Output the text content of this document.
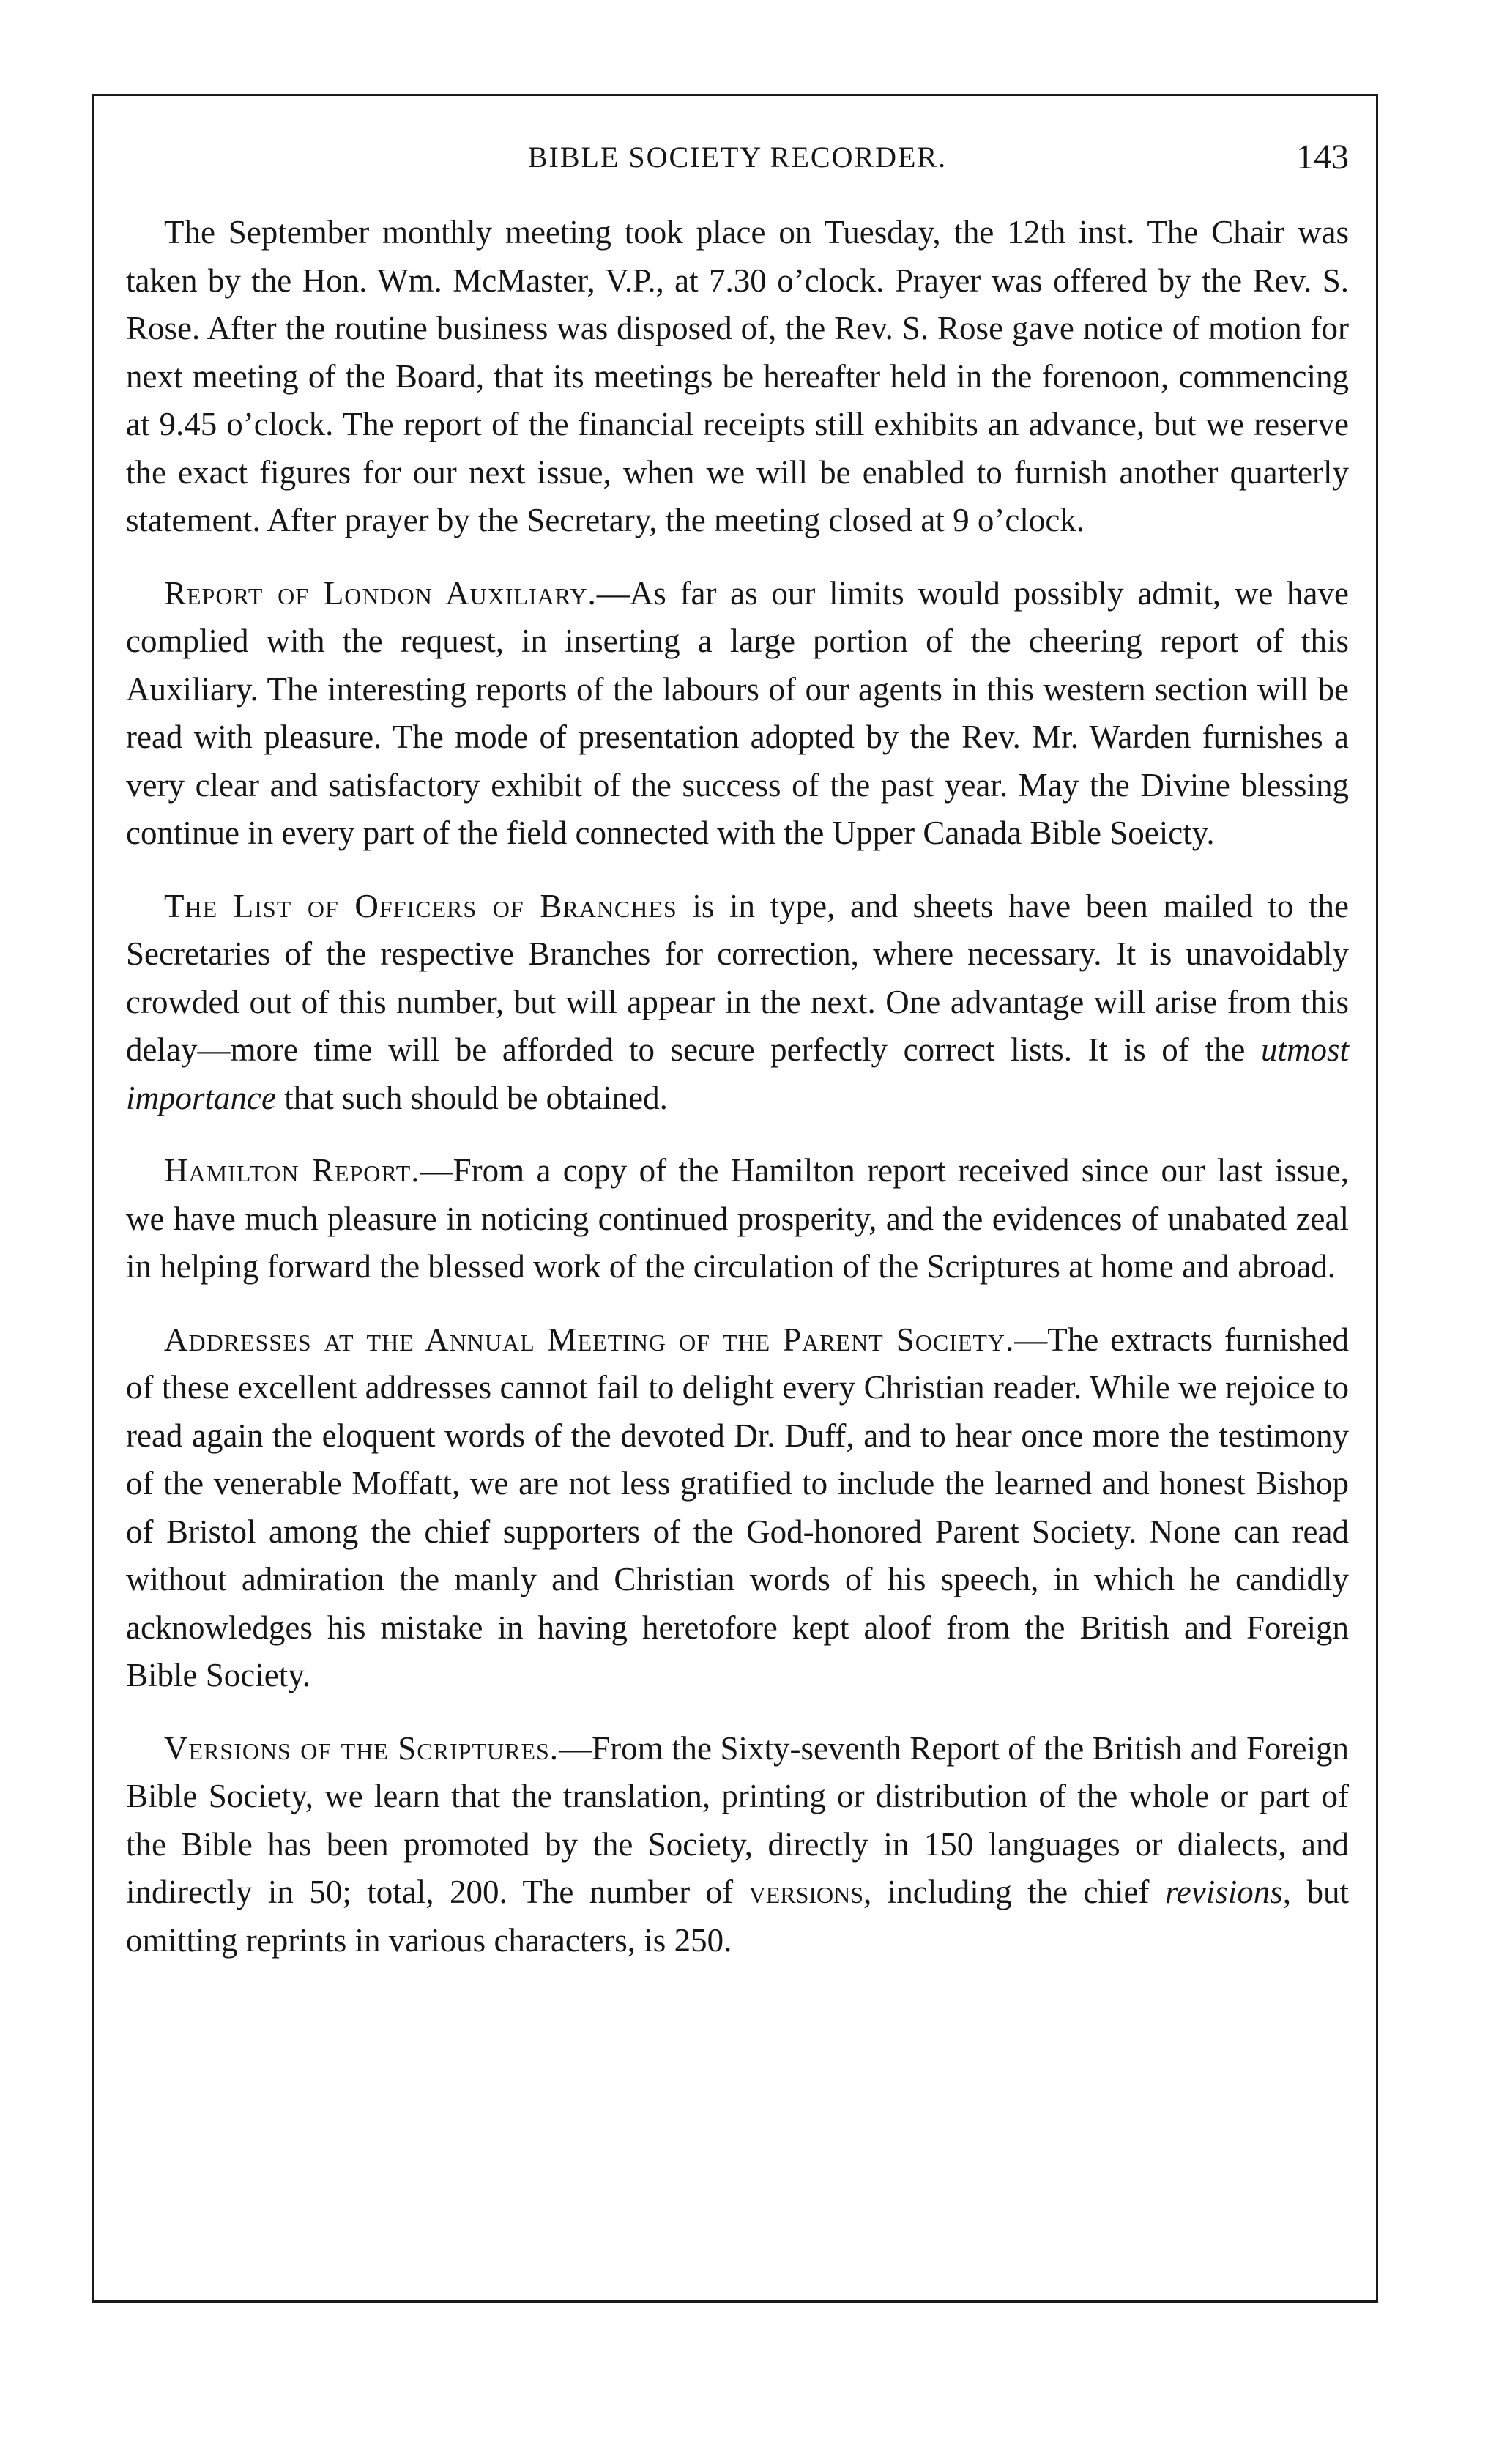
BIBLE SOCIETY RECORDER.	143

The September monthly meeting took place on Tuesday, the 12th inst. The Chair was taken by the Hon. Wm. McMaster, V.P., at 7.30 o’clock. Prayer was offered by the Rev. S. Rose. After the routine business was disposed of, the Rev. S. Rose gave notice of motion for next meeting of the Board, that its meetings be hereafter held in the forenoon, commencing at 9.45 o’clock. The report of the financial receipts still exhibits an advance, but we reserve the exact figures for our next issue, when we will be enabled to furnish another quarterly statement. After prayer by the Secretary, the meeting closed at 9 o’clock.

Report of London Auxiliary.—As far as our limits would possibly admit, we have complied with the request, in inserting a large portion of the cheering report of this Auxiliary. The interesting reports of the labours of our agents in this western section will be read with pleasure. The mode of presentation adopted by the Rev. Mr. Warden furnishes a very clear and satisfactory exhibit of the success of the past year. May the Divine blessing continue in every part of the field connected with the Upper Canada Bible Soeicty.

The List of Officers of Branches is in type, and sheets have been mailed to the Secretaries of the respective Branches for correction, where necessary. It is unavoidably crowded out of this number, but will appear in the next. One advantage will arise from this delay—more time will be afforded to secure perfectly correct lists. It is of the utmost importance that such should be obtained.

Hamilton Report.—From a copy of the Hamilton report received since our last issue, we have much pleasure in noticing continued prosperity, and the evidences of unabated zeal in helping forward the blessed work of the circulation of the Scriptures at home and abroad.

Addresses at the Annual Meeting of the Parent Society.—The extracts furnished of these excellent addresses cannot fail to delight every Christian reader. While we rejoice to read again the eloquent words of the devoted Dr. Duff, and to hear once more the testimony of the venerable Moffatt, we are not less gratified to include the learned and honest Bishop of Bristol among the chief supporters of the God-honored Parent Society. None can read without admiration the manly and Christian words of his speech, in which he candidly acknowledges his mistake in having heretofore kept aloof from the British and Foreign Bible Society.

Versions of the Scriptures.—From the Sixty-seventh Report of the British and Foreign Bible Society, we learn that the translation, printing or distribution of the whole or part of the Bible has been promoted by the Society, directly in 150 languages or dialects, and indirectly in 50; total, 200. The number of versions, including the chief revisions, but omitting reprints in various characters, is 250.
